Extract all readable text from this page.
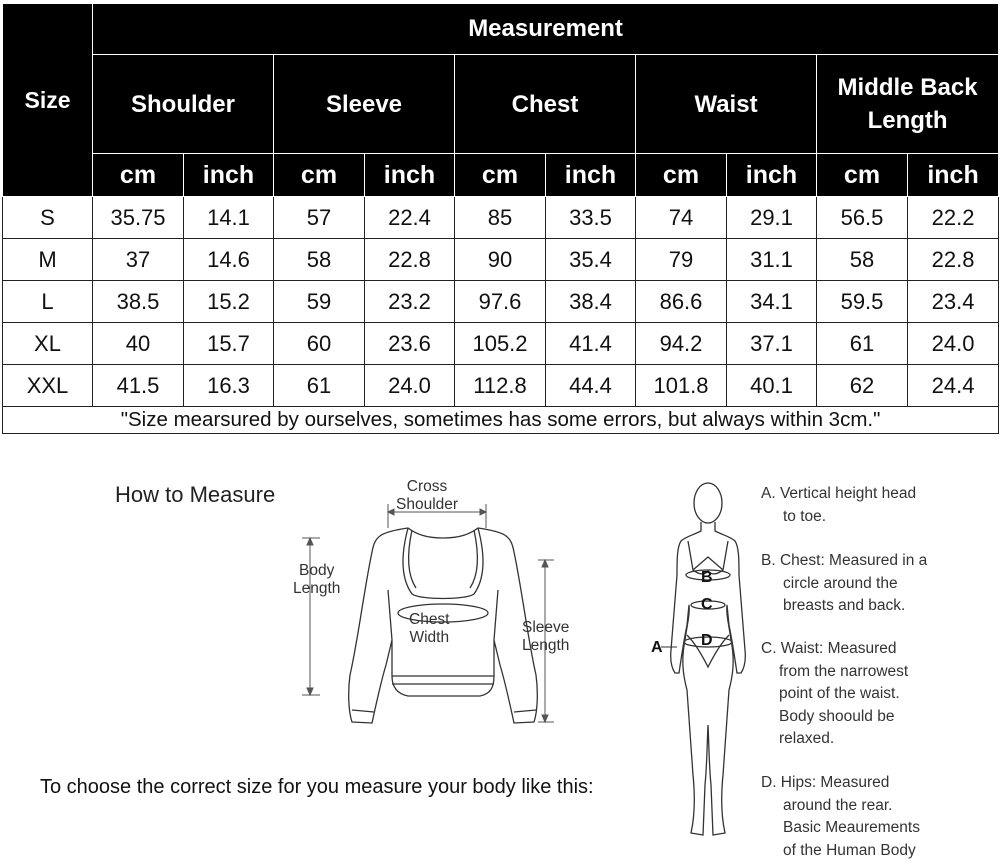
Size	Measurement									
	Shoulder		Sleeve		Chest		Waist		Middle Back
Length	
	cm	inch	cm	inch	cm	inch	cm	inch	cm	inch
S	35.75	14.1	57	22.4	85	33.5	74	29.1	56.5	22.2
M	37	14.6	58	22.8	90	35.4	79	31.1	58	22.8
L	38.5	15.2	59	23.2	97.6	38.4	86.6	34.1	59.5	23.4
XL	40	15.7	60	23.6	105.2	41.4	94.2	37.1	61	24.0
XXL	41.5	16.3	61	24.0	112.8	44.4	101.8	40.1	62	24.4
"Size mearsured by ourselves, sometimes has some errors, but always within 3cm."										
How to Measure	Cross
Shoulder
Body
Length
Chest
Width
Sleeve
Length
To choose the correct size for you measure your body like this:
A
B
C
D
A. Vertical height head
to toe.
B. Chest: Measured in a
circle around the
breasts and back.
C. Waist: Measured
from the narrowest
point of the waist.
Body shoould be
relaxed.
D. Hips: Measured
around the rear.
Basic Meaurements
of the Human Body
